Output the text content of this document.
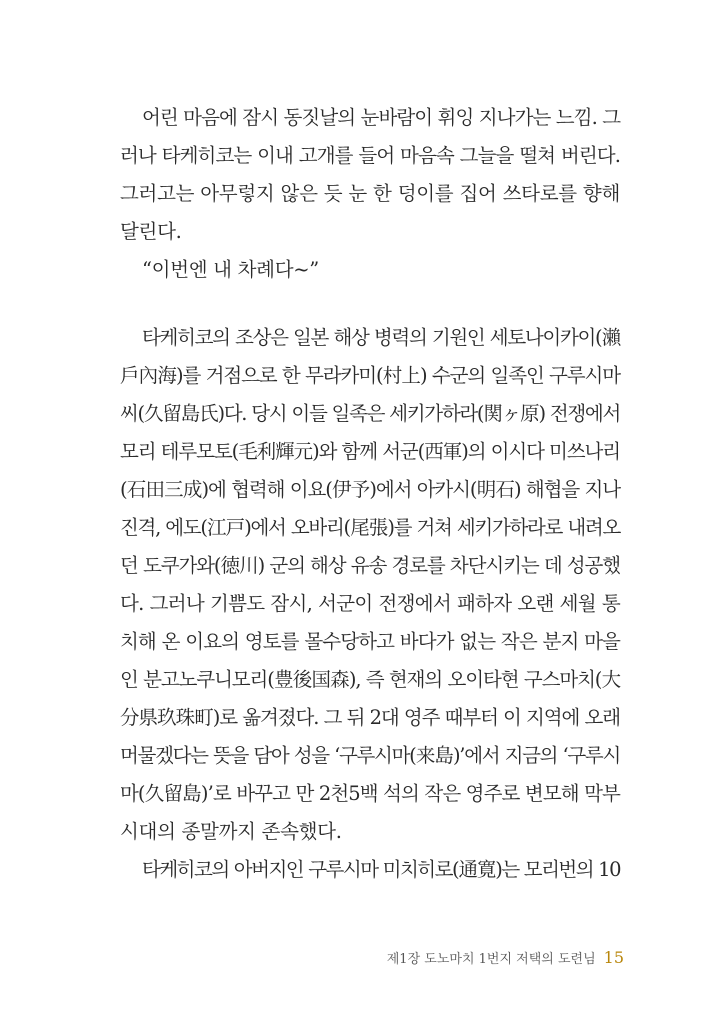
어린 마음에 잠시 동짓날의 눈바람이 휘잉 지나가는 느낌. 그
러나 타케히코는 이내 고개를 들어 마음속 그늘을 떨쳐 버린다.
그러고는 아무렇지 않은 듯 눈 한 덩이를 집어 쓰타로를 향해
달린다.
“이번엔 내 차례다~”
타케히코의 조상은 일본 해상 병력의 기원인 세토나이카이(瀨
戶內海)를 거점으로 한 무라카미(村上) 수군의 일족인 구루시마
씨(久留島氏)다. 당시 이들 일족은 세키가하라(関ヶ原) 전쟁에서
모리 테루모토(毛利輝元)와 함께 서군(西軍)의 이시다 미쓰나리
(石田三成)에 협력해 이요(伊予)에서 아카시(明石) 해협을 지나
진격, 에도(江戸)에서 오바리(尾張)를 거쳐 세키가하라로 내려오
던 도쿠가와(徳川) 군의 해상 유송 경로를 차단시키는 데 성공했
다. 그러나 기쁨도 잠시, 서군이 전쟁에서 패하자 오랜 세월 통
치해 온 이요의 영토를 몰수당하고 바다가 없는 작은 분지 마을
인 분고노쿠니모리(豊後国森), 즉 현재의 오이타현 구스마치(大
分県玖珠町)로 옮겨졌다. 그 뒤 2대 영주 때부터 이 지역에 오래
머물겠다는 뜻을 담아 성을 ‘구루시마(来島)’에서 지금의 ‘구루시
마(久留島)’로 바꾸고 만 2천5백 석의 작은 영주로 변모해 막부
시대의 종말까지 존속했다.
타케히코의 아버지인 구루시마 미치히로(通寛)는 모리번의 10
제1장 도노마치 1번지 저택의 도련님 15
